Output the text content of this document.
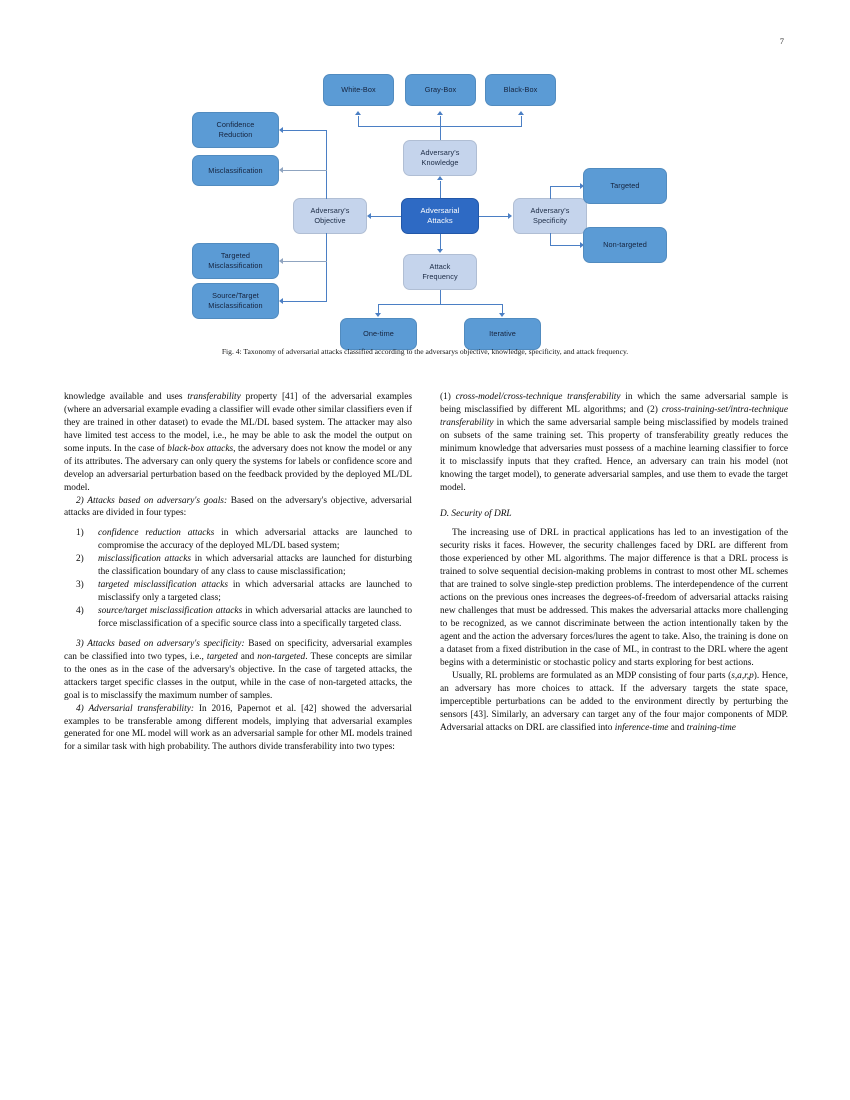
7
White-Box	Gray-Box	Black-Box
Adversary's
Knowledge
Adversarial
Attacks
Adversary's
Objective
Confidence
Reduction
Misclassification
Targeted
Misclassification
Source/Target
Misclassification
Adversary's
Specificity
Targeted
Non-targeted
Attack
Frequency
One-time	Iterative
Fig. 4: Taxonomy of adversarial attacks classified according to the adversarys objective, knowledge, specificity, and attack frequency.

knowledge available and uses transferability property [41] of the adversarial examples (where an adversarial example evading a classifier will evade other similar classifiers even if they are trained in other dataset) to evade the ML/DL based system. The attacker may also have limited test access to the model, i.e., he may be able to ask the model the output on some inputs. In the case of black-box attacks, the adversary does not know the model or any of its attributes. The adversary can only query the systems for labels or confidence score and develop an adversarial perturbation based on the feedback provided by the deployed ML/DL model.

2) Attacks based on adversary's goals: Based on the adversary's objective, adversarial attacks are divided in four types:

1)	confidence reduction attacks in which adversarial attacks are launched to compromise the accuracy of the deployed ML/DL based system;
2)	misclassification attacks in which adversarial attacks are launched for disturbing the classification boundary of any class to cause misclassification;
3)	targeted misclassification attacks in which adversarial attacks are launched to misclassify only a targeted class;
4)	source/target misclassification attacks in which adversarial attacks are launched to force misclassification of a specific source class into a specifically targeted class.

3) Attacks based on adversary's specificity: Based on specificity, adversarial examples can be classified into two types, i.e., targeted and non-targeted. These concepts are similar to the ones as in the case of the adversary's objective. In the case of targeted attacks, the attackers target specific classes in the output, while in the case of non-targeted attacks, the goal is to misclassify the maximum number of samples.

4) Adversarial transferability: In 2016, Papernot et al. [42] showed the adversarial examples to be transferable among different models, implying that adversarial examples generated for one ML model will work as an adversarial sample for other ML models trained for a similar task with high probability. The authors divide transferability into two types:

(1) cross-model/cross-technique transferability in which the same adversarial sample is being misclassified by different ML algorithms; and (2) cross-training-set/intra-technique transferability in which the same adversarial sample being misclassified by models trained on subsets of the same training set. This property of transferability greatly reduces the minimum knowledge that adversaries must possess of a machine learning classifier to force it to misclassify inputs that they crafted. Hence, an adversary can train his model (not knowing the target model), to generate adversarial samples, and use them to evade the target model.

D. Security of DRL

The increasing use of DRL in practical applications has led to an investigation of the security risks it faces. However, the security challenges faced by DRL are different from those experienced by other ML algorithms. The major difference is that a DRL process is trained to solve sequential decision-making problems in contrast to most other ML schemes that are trained to solve single-step prediction problems. The interdependence of the current actions on the previous ones increases the degrees-of-freedom of adversarial attacks raising new challenges that must be addressed. This makes the adversarial attacks more challenging to be recognized, as we cannot discriminate between the action intentionally taken by the agent and the action the adversary forces/lures the agent to take. Also, the training is done on a dataset from a fixed distribution in the case of ML, in contrast to the DRL where the agent begins with a deterministic or stochastic policy and starts exploring for best actions.

Usually, RL problems are formulated as an MDP consisting of four parts (s,a,r,p). Hence, an adversary has more choices to attack. If the adversary targets the state space, imperceptible perturbations can be added to the environment directly by perturbing the sensors [43]. Similarly, an adversary can target any of the four major components of MDP. Adversarial attacks on DRL are classified into inference-time and training-time
